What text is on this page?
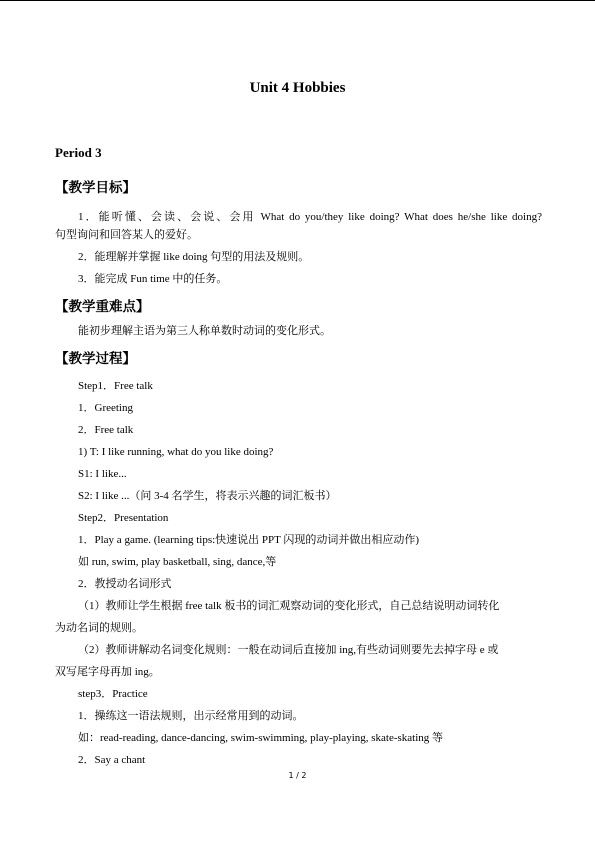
Unit 4 Hobbies
Period 3
【教学目标】
1．能听懂、会读、会说、会用 What do you/they like doing? What does he/she like doing?
句型询问和回答某人的爱好。
2．能理解并掌握 like doing 句型的用法及规则。
3．能完成 Fun time 中的任务。
【教学重难点】
能初步理解主语为第三人称单数时动词的变化形式。
【教学过程】
Step1．Free talk
1．Greeting
2．Free talk
1) T: I like running, what do you like doing?
S1: I like...
S2: I like ...（问 3-4 名学生，将表示兴趣的词汇板书）
Step2．Presentation
1．Play a game. (learning tips:快速说出 PPT 闪现的动词并做出相应动作)
如 run, swim, play basketball, sing, dance,等
2．教授动名词形式
（1）教师让学生根据 free talk 板书的词汇观察动词的变化形式，自己总结说明动词转化
为动名词的规则。
（2）教师讲解动名词变化规则：一般在动词后直接加 ing,有些动词则要先去掉字母 e 或
双写尾字母再加 ing。
step3．Practice
1．操练这一语法规则，出示经常用到的动词。
如：read-reading, dance-dancing, swim-swimming, play-playing, skate-skating 等
2．Say a chant
1 / 2
